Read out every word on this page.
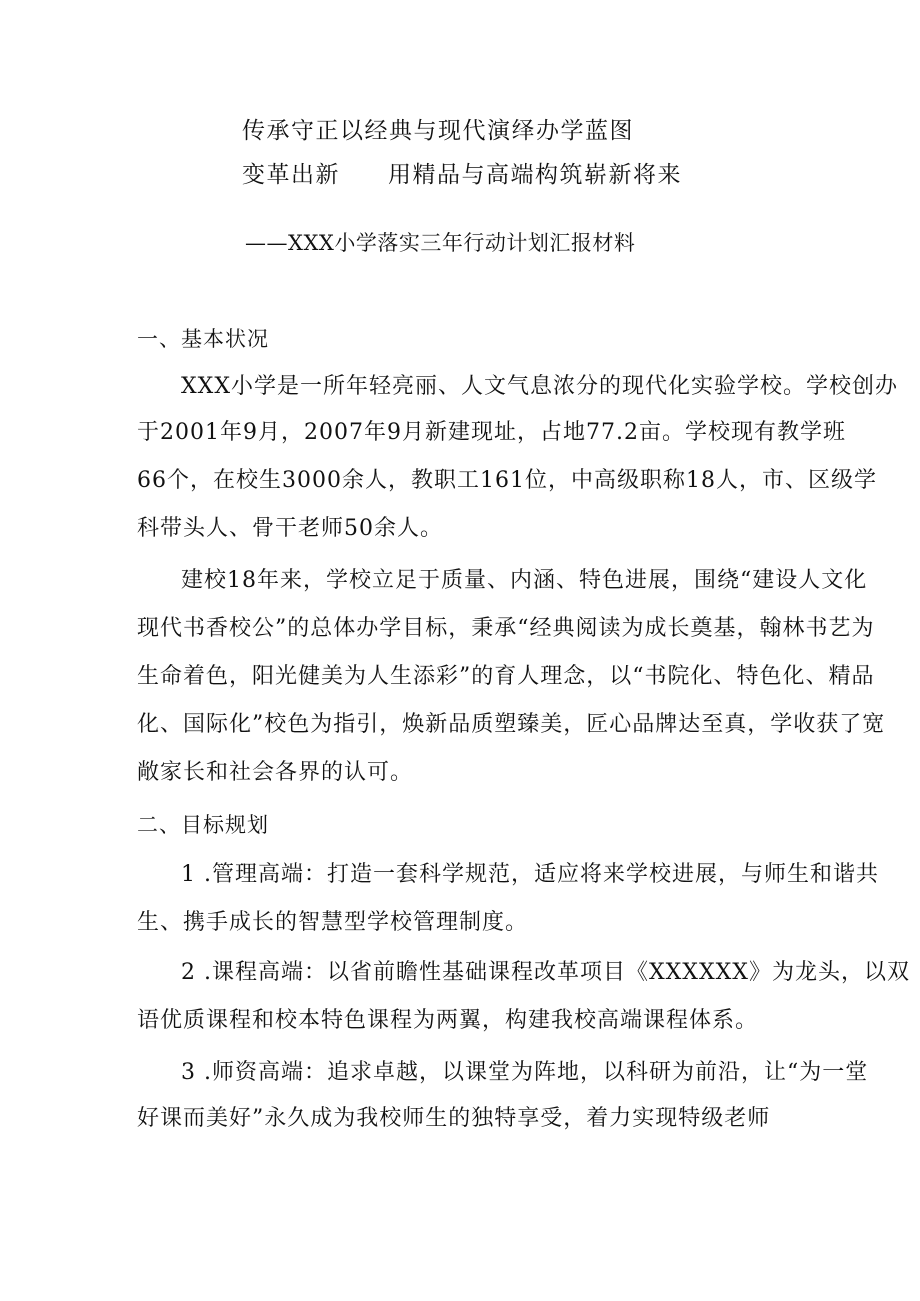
传承守正以经典与现代演绎办学蓝图
变革出新 用精品与高端构筑崭新将来
——XXX小学落实三年行动计划汇报材料
一、基本状况
XXX小学是一所年轻亮丽、人文气息浓分的现代化实验学校。学校创办
于2001年9月，2007年9月新建现址，占地77.2亩。学校现有教学班
66个，在校生3000余人，教职工161位，中高级职称18人，市、区级学
科带头人、骨干老师50余人。
建校18年来，学校立足于质量、内涵、特色进展，围绕“建设人文化
现代书香校公”的总体办学目标，秉承“经典阅读为成长奠基，翰林书艺为
生命着色，阳光健美为人生添彩”的育人理念，以“书院化、特色化、精品
化、国际化”校色为指引，焕新品质塑臻美，匠心品牌达至真，学收获了宽
敞家长和社会各界的认可。
二、目标规划
1 .管理高端：打造一套科学规范，适应将来学校进展，与师生和谐共
生、携手成长的智慧型学校管理制度。
2 .课程高端：以省前瞻性基础课程改革项目《XXXXXX》为龙头，以双
语优质课程和校本特色课程为两翼，构建我校高端课程体系。
3 .师资高端：追求卓越，以课堂为阵地，以科研为前沿，让“为一堂
好课而美好”永久成为我校师生的独特享受，着力实现特级老师
